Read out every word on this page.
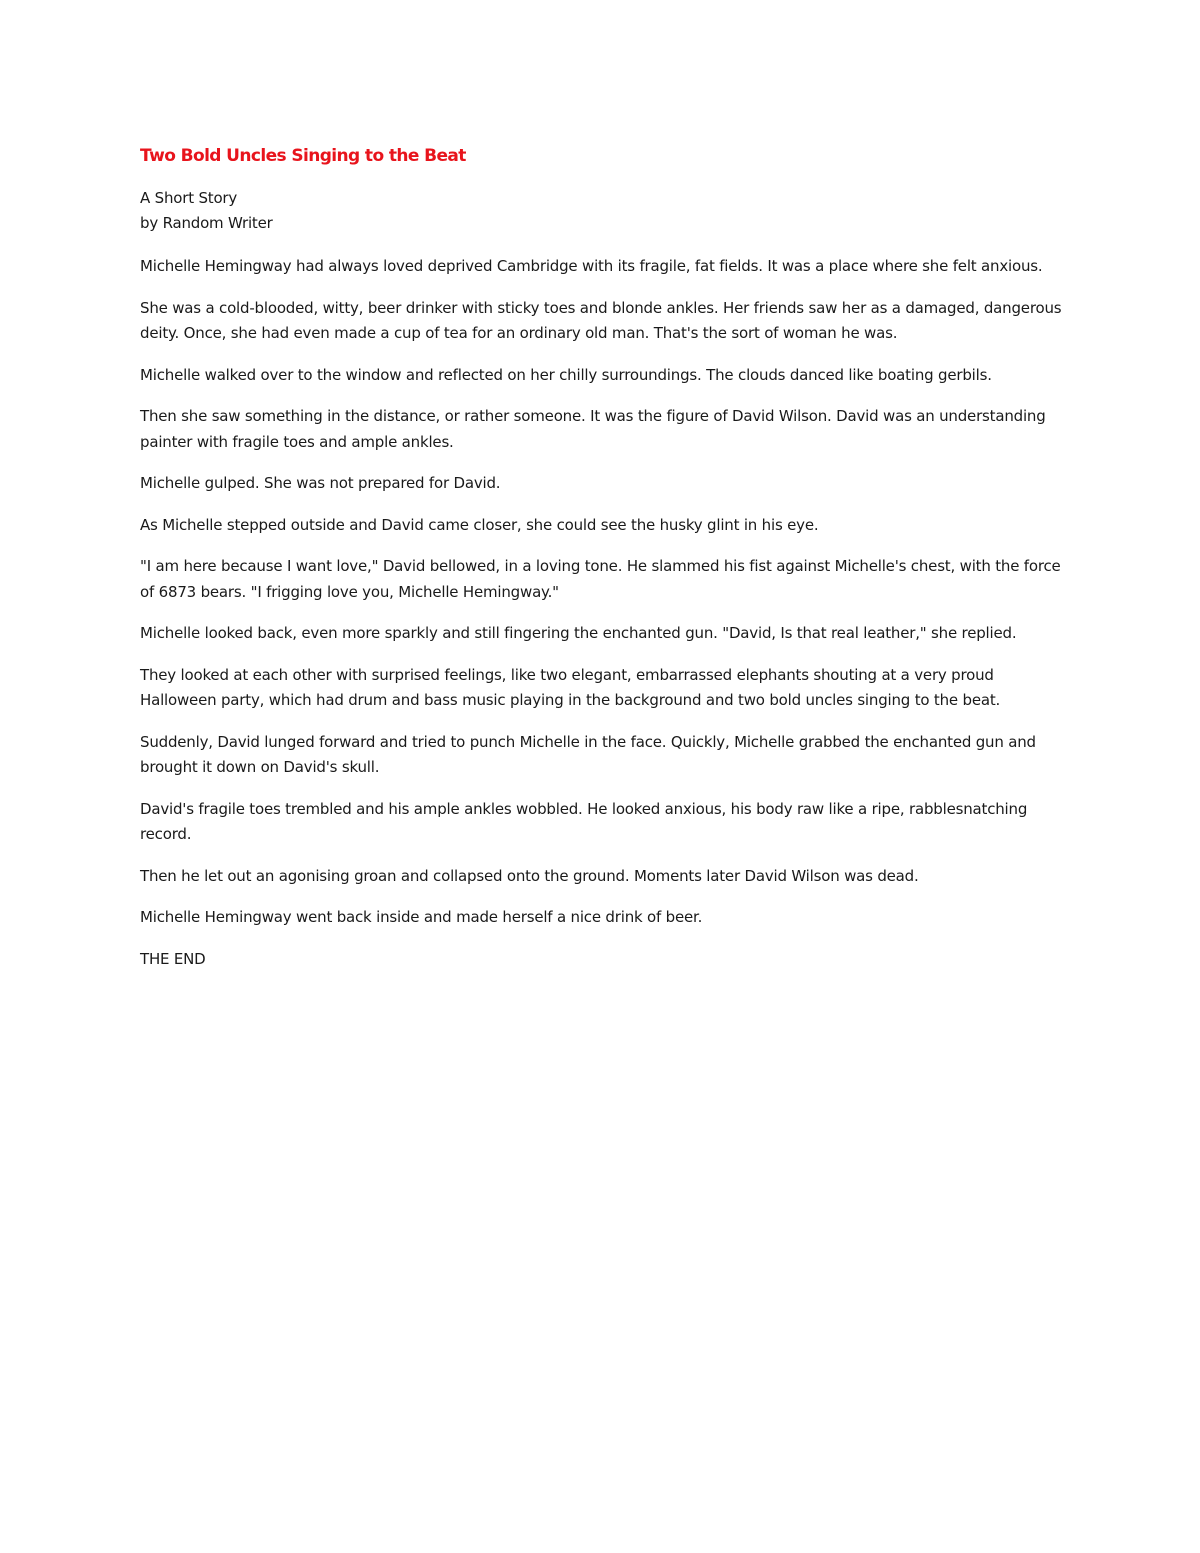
Two Bold Uncles Singing to the Beat
A Short Story
by Random Writer

Michelle Hemingway had always loved deprived Cambridge with its fragile, fat fields. It was a place where she felt anxious.

She was a cold-blooded, witty, beer drinker with sticky toes and blonde ankles. Her friends saw her as a damaged, dangerous deity. Once, she had even made a cup of tea for an ordinary old man. That's the sort of woman he was.

Michelle walked over to the window and reflected on her chilly surroundings. The clouds danced like boating gerbils.

Then she saw something in the distance, or rather someone. It was the figure of David Wilson. David was an understanding painter with fragile toes and ample ankles.

Michelle gulped. She was not prepared for David.

As Michelle stepped outside and David came closer, she could see the husky glint in his eye.

"I am here because I want love," David bellowed, in a loving tone. He slammed his fist against Michelle's chest, with the force of 6873 bears. "I frigging love you, Michelle Hemingway."

Michelle looked back, even more sparkly and still fingering the enchanted gun. "David, Is that real leather," she replied.

They looked at each other with surprised feelings, like two elegant, embarrassed elephants shouting at a very proud Halloween party, which had drum and bass music playing in the background and two bold uncles singing to the beat.

Suddenly, David lunged forward and tried to punch Michelle in the face. Quickly, Michelle grabbed the enchanted gun and brought it down on David's skull.

David's fragile toes trembled and his ample ankles wobbled. He looked anxious, his body raw like a ripe, rabblesnatching record.

Then he let out an agonising groan and collapsed onto the ground. Moments later David Wilson was dead.

Michelle Hemingway went back inside and made herself a nice drink of beer.

THE END
